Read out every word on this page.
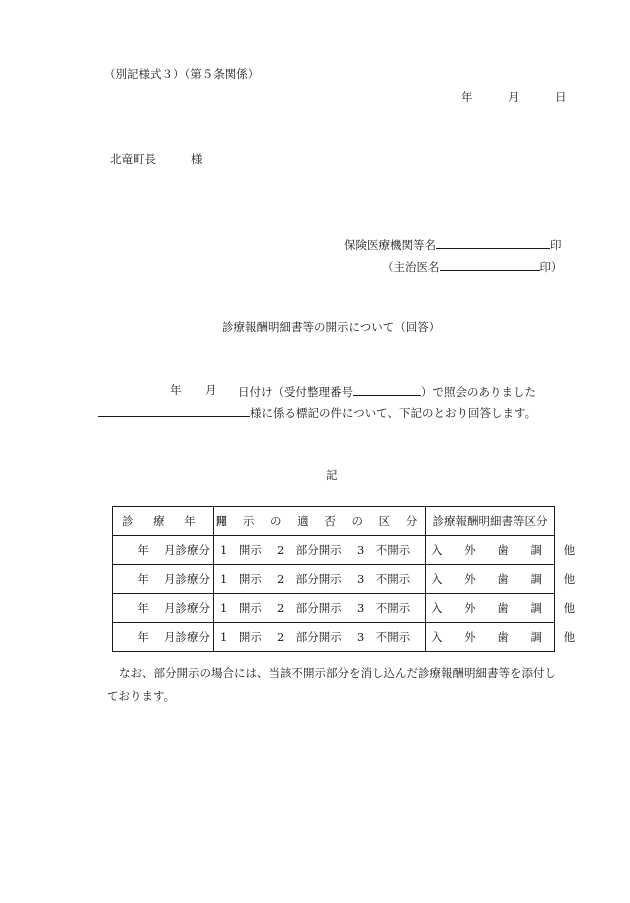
（別記様式３）（第５条関係）
年	月	日
北竜町長	様
保険医療機関等名	印
（主治医名	印）
診療報酬明細書等の開示について（回答）
年 月 日付け（受付整理番号	）で照会のありました
様に係る標記の件について、下記のとおり回答します。
記
診 療 年 月	開 示 の 適 否 の 区 分	診療報酬明細書等区分
年　 月診療分	1　開示　 2　部分開示　 3　不開示	入 外 歯 調 他
年　 月診療分	1　開示　 2　部分開示　 3　不開示	入 外 歯 調 他
年　 月診療分	1　開示　 2　部分開示　 3　不開示	入 外 歯 調 他
年　 月診療分	1　開示　 2　部分開示　 3　不開示	入 外 歯 調 他
なお、部分開示の場合には、当該不開示部分を消し込んだ診療報酬明細書等を添付し
ております。
